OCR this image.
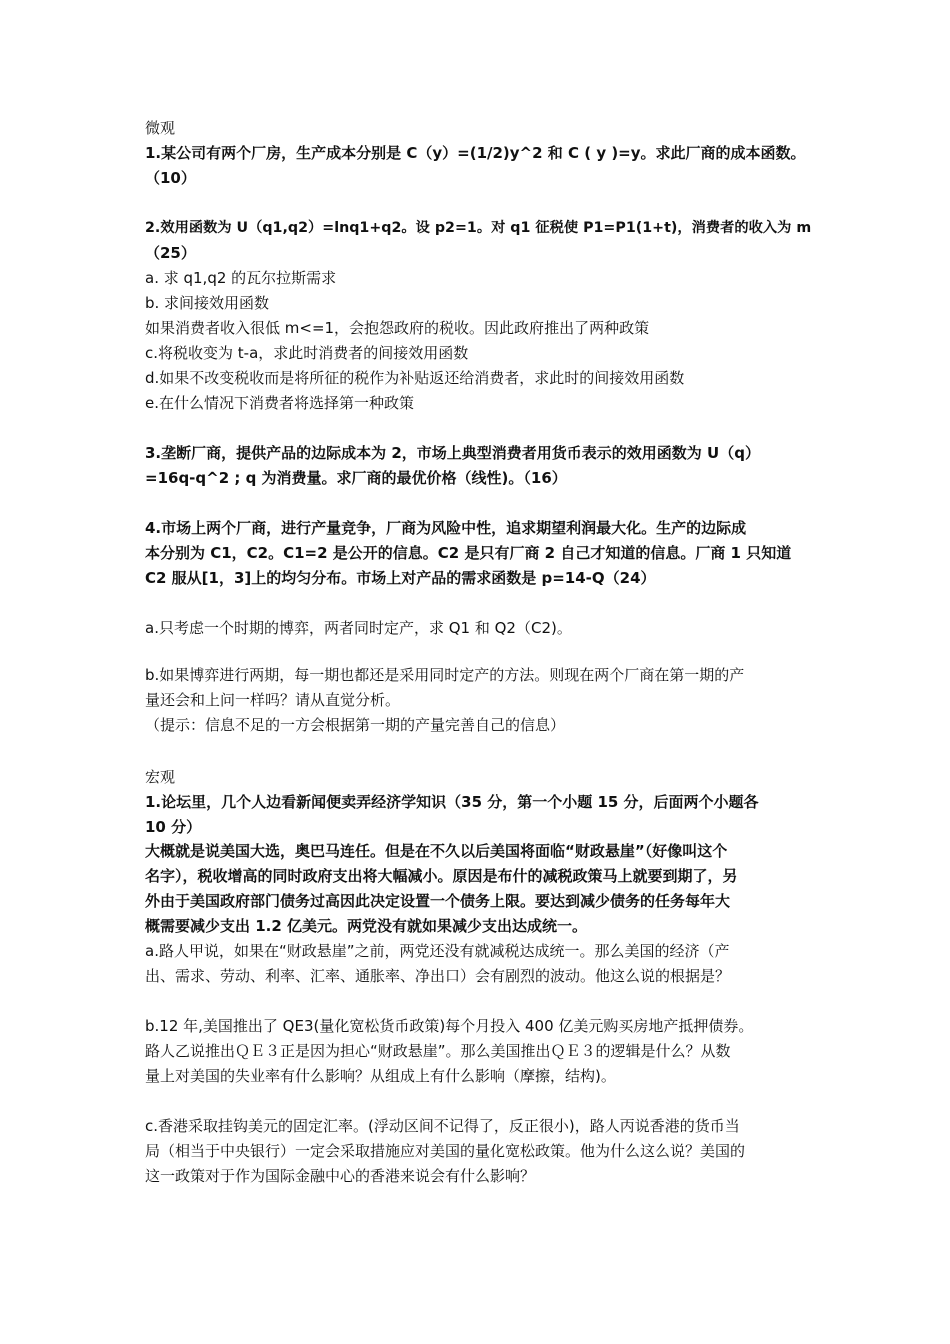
微观
1.某公司有两个厂房，生产成本分别是 C（y）=(1/2)y^2 和 C ( y )=y。求此厂商的成本函数。
（10）
2.效用函数为 U（q1,q2）=lnq1+q2。设 p2=1。对 q1 征税使 P1=P1(1+t)，消费者的收入为 m
（25）
a. 求 q1,q2 的瓦尔拉斯需求
b. 求间接效用函数
如果消费者收入很低 m<=1，会抱怨政府的税收。因此政府推出了两种政策
c.将税收变为 t-a，求此时消费者的间接效用函数
d.如果不改变税收而是将所征的税作为补贴返还给消费者，求此时的间接效用函数
e.在什么情况下消费者将选择第一种政策
3.垄断厂商，提供产品的边际成本为 2，市场上典型消费者用货币表示的效用函数为 U（q）
=16q-q^2 ; q 为消费量。求厂商的最优价格（线性)。（16）
4.市场上两个厂商，进行产量竞争，厂商为风险中性，追求期望利润最大化。生产的边际成
本分别为 C1，C2。C1=2 是公开的信息。C2 是只有厂商 2 自己才知道的信息。厂商 1 只知道
C2 服从[1，3]上的均匀分布。市场上对产品的需求函数是 p=14-Q（24）
a.只考虑一个时期的博弈，两者同时定产，求 Q1 和 Q2（C2)。
b.如果博弈进行两期，每一期也都还是采用同时定产的方法。则现在两个厂商在第一期的产
量还会和上问一样吗？请从直觉分析。
（提示：信息不足的一方会根据第一期的产量完善自己的信息）
宏观
1.论坛里，几个人边看新闻便卖弄经济学知识（35 分，第一个小题 15 分，后面两个小题各
10 分）
大概就是说美国大选，奥巴马连任。但是在不久以后美国将面临“财政悬崖”（好像叫这个
名字），税收增高的同时政府支出将大幅减小。原因是布什的减税政策马上就要到期了，另
外由于美国政府部门债务过高因此决定设置一个债务上限。要达到减少债务的任务每年大
概需要减少支出 1.2 亿美元。两党没有就如果减少支出达成统一。
a.路人甲说，如果在“财政悬崖”之前，两党还没有就减税达成统一。那么美国的经济（产
出、需求、劳动、利率、汇率、通胀率、净出口）会有剧烈的波动。他这么说的根据是？
b.12 年,美国推出了 QE3(量化宽松货币政策)每个月投入 400 亿美元购买房地产抵押债券。
路人乙说推出ＱＥ３正是因为担心“财政悬崖”。那么美国推出ＱＥ３的逻辑是什么？从数
量上对美国的失业率有什么影响？从组成上有什么影响（摩擦，结构)。
c.香港采取挂钩美元的固定汇率。(浮动区间不记得了，反正很小)，路人丙说香港的货币当
局（相当于中央银行）一定会采取措施应对美国的量化宽松政策。他为什么这么说？美国的
这一政策对于作为国际金融中心的香港来说会有什么影响？
